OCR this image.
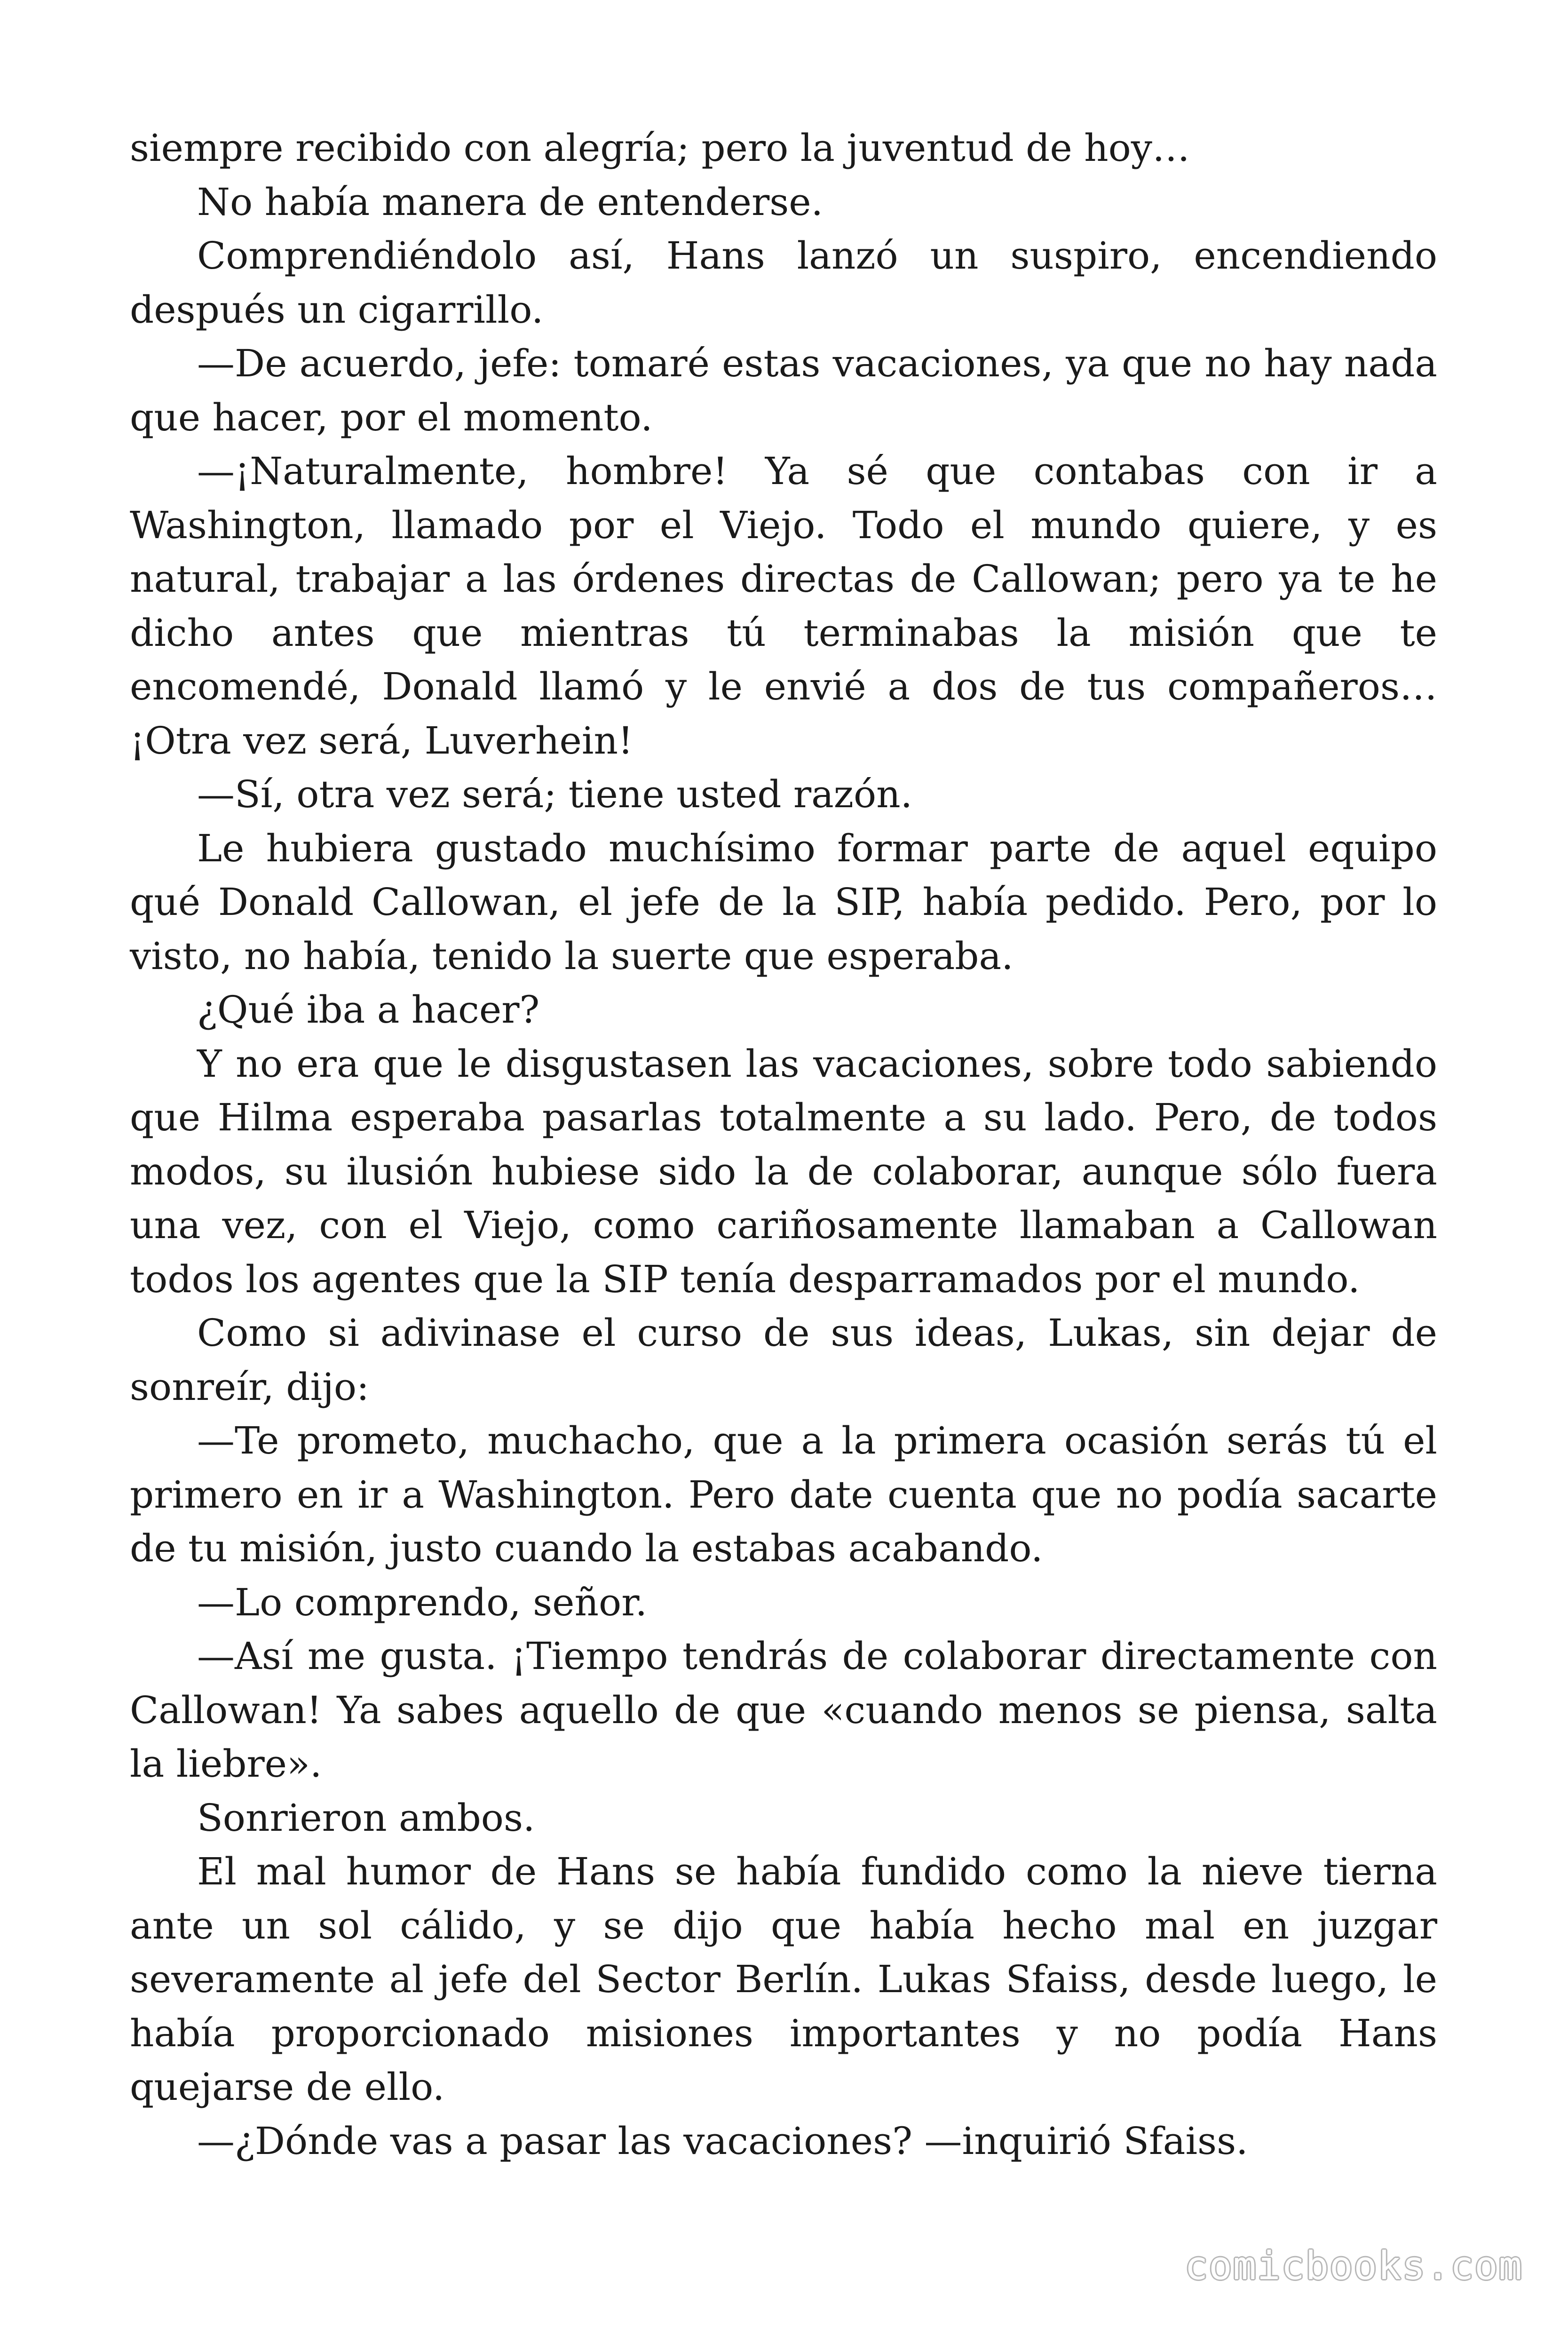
siempre recibido con alegría; pero la juventud de hoy…

No había manera de entenderse.

Comprendiéndolo así, Hans lanzó un suspiro, encendiendo después un cigarrillo.

—De acuerdo, jefe: tomaré estas vacaciones, ya que no hay nada que hacer, por el momento.

—¡Naturalmente, hombre! Ya sé que contabas con ir a Washington, llamado por el Viejo. Todo el mundo quiere, y es natural, trabajar a las órdenes directas de Callowan; pero ya te he dicho antes que mientras tú terminabas la misión que te encomendé, Donald llamó y le envié a dos de tus compañeros… ¡Otra vez será, Luverhein!

—Sí, otra vez será; tiene usted razón.

Le hubiera gustado muchísimo formar parte de aquel equipo qué Donald Callowan, el jefe de la SIP, había pedido. Pero, por lo visto, no había, tenido la suerte que esperaba.

¿Qué iba a hacer?

Y no era que le disgustasen las vacaciones, sobre todo sabiendo que Hilma esperaba pasarlas totalmente a su lado. Pero, de todos modos, su ilusión hubiese sido la de colaborar, aunque sólo fuera una vez, con el Viejo, como cariñosamente llamaban a Callowan todos los agentes que la SIP tenía desparramados por el mundo.

Como si adivinase el curso de sus ideas, Lukas, sin dejar de sonreír, dijo:

—Te prometo, muchacho, que a la primera ocasión serás tú el primero en ir a Washington. Pero date cuenta que no podía sacarte de tu misión, justo cuando la estabas acabando.

—Lo comprendo, señor.

—Así me gusta. ¡Tiempo tendrás de colaborar directamente con Callowan! Ya sabes aquello de que «cuando menos se piensa, salta la liebre».

Sonrieron ambos.

El mal humor de Hans se había fundido como la nieve tierna ante un sol cálido, y se dijo que había hecho mal en juzgar severamente al jefe del Sector Berlín. Lukas Sfaiss, desde luego, le había proporcionado misiones importantes y no podía Hans quejarse de ello.

—¿Dónde vas a pasar las vacaciones? —inquirió Sfaiss.

comicbooks.com
